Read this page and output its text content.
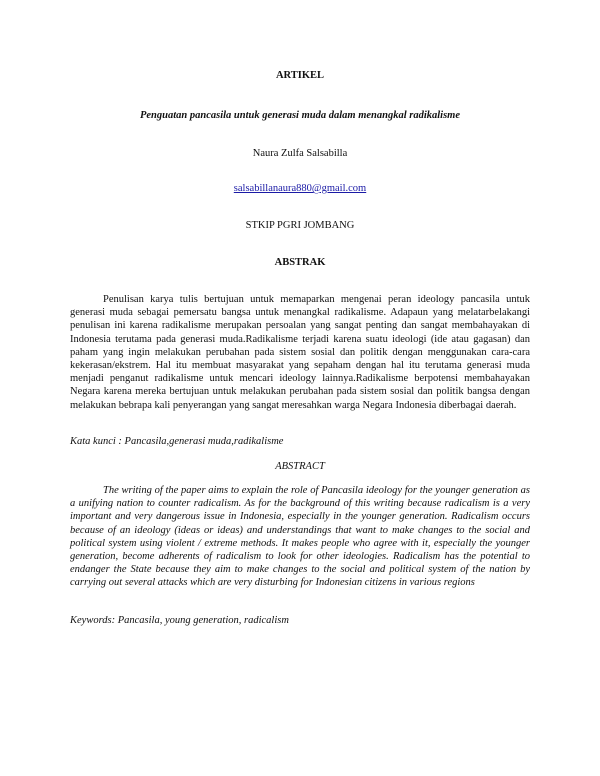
ARTIKEL
Penguatan pancasila untuk generasi muda dalam menangkal radikalisme
Naura Zulfa Salsabilla
salsabillanaura880@gmail.com
STKIP PGRI JOMBANG
ABSTRAK

Penulisan karya tulis bertujuan untuk memaparkan mengenai peran ideology pancasila untuk generasi muda sebagai pemersatu bangsa untuk menangkal radikalisme. Adapaun yang melatarbelakangi penulisan ini karena radikalisme merupakan persoalan yang sangat penting dan sangat membahayakan di Indonesia terutama pada generasi muda.Radikalisme terjadi karena suatu ideologi (ide atau gagasan) dan paham yang ingin melakukan perubahan pada sistem sosial dan politik dengan menggunakan cara-cara kekerasan/ekstrem. Hal itu membuat masyarakat yang sepaham dengan hal itu terutama generasi muda menjadi penganut radikalisme untuk mencari ideology lainnya.Radikalisme berpotensi membahayakan Negara karena mereka bertujuan untuk melakukan perubahan pada sistem sosial dan politik bangsa dengan melakukan bebrapa kali penyerangan yang sangat meresahkan warga Negara Indonesia diberbagai daerah.

Kata kunci : Pancasila,generasi muda,radikalisme
ABSTRACT

The writing of the paper aims to explain the role of Pancasila ideology for the younger generation as a unifying nation to counter radicalism. As for the background of this writing because radicalism is a very important and very dangerous issue in Indonesia, especially in the younger generation. Radicalism occurs because of an ideology (ideas or ideas) and understandings that want to make changes to the social and political system using violent / extreme methods. It makes people who agree with it, especially the younger generation, become adherents of radicalism to look for other ideologies. Radicalism has the potential to endanger the State because they aim to make changes to the social and political system of the nation by carrying out several attacks which are very disturbing for Indonesian citizens in various regions

Keywords: Pancasila, young generation, radicalism
